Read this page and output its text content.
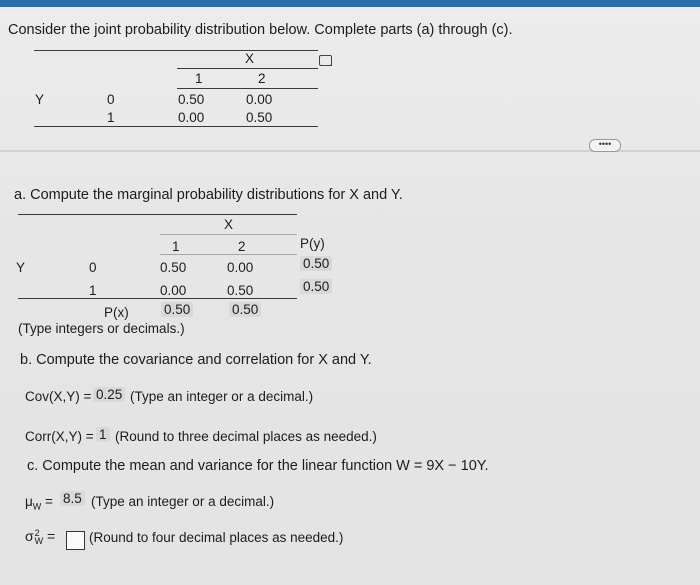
Consider the joint probability distribution below. Complete parts (a) through (c).
X
1	2
Y	0	0.50	0.00
1	0.00	0.50
••••
a. Compute the marginal probability distributions for X and Y.
X
1	2	P(y)
Y	0	0.50	0.00	0.50
1	0.00	0.50	0.50
P(x)	0.50	0.50
(Type integers or decimals.)
b. Compute the covariance and correlation for X and Y.
Cov(X,Y) = 0.25 (Type an integer or a decimal.)
Corr(X,Y) = 1 (Round to three decimal places as needed.)
c. Compute the mean and variance for the linear function W = 9X − 10Y.
$\mu_W = 8.5$ (Type an integer or a decimal.)
σ 2
W =	(Round to four decimal places as needed.)
